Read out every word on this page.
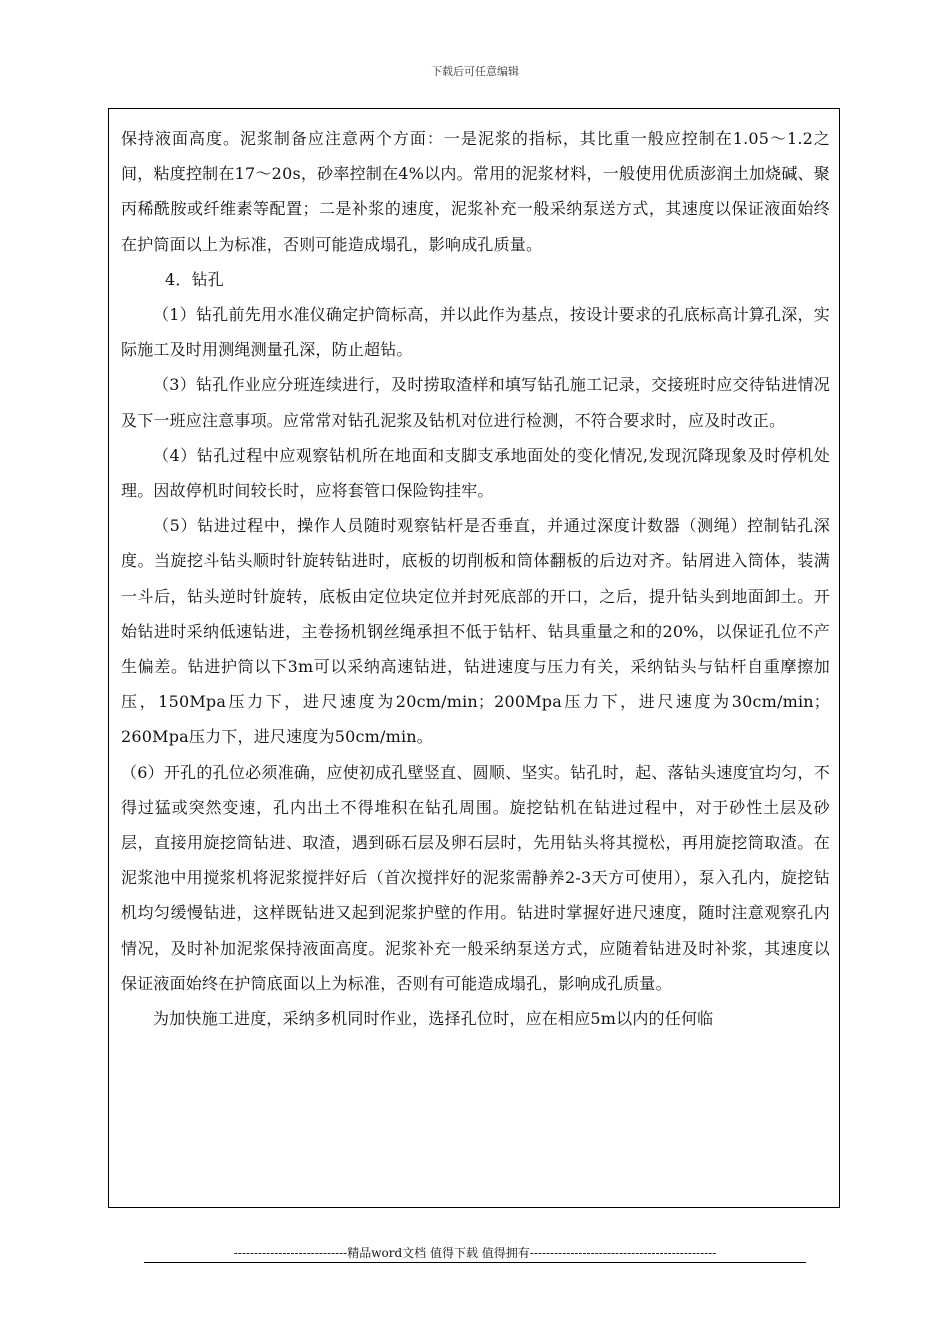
下载后可任意编辑

保持液面高度。泥浆制备应注意两个方面：一是泥浆的指标，其比重一般应控制在1.05～1.2之间，粘度控制在17～20s，砂率控制在4%以内。常用的泥浆材料，一般使用优质澎润土加烧碱、聚丙稀酰胺或纤维素等配置；二是补浆的速度，泥浆补充一般采纳泵送方式，其速度以保证液面始终在护筒面以上为标准，否则可能造成塌孔，影响成孔质量。

4．钻孔

（1）钻孔前先用水准仪确定护筒标高，并以此作为基点，按设计要求的孔底标高计算孔深，实际施工及时用测绳测量孔深，防止超钻。

（3）钻孔作业应分班连续进行，及时捞取渣样和填写钻孔施工记录，交接班时应交待钻进情况及下一班应注意事项。应常常对钻孔泥浆及钻机对位进行检测，不符合要求时，应及时改正。

（4）钻孔过程中应观察钻机所在地面和支脚支承地面处的变化情况,发现沉降现象及时停机处理。因故停机时间较长时，应将套管口保险钩挂牢。

（5）钻进过程中，操作人员随时观察钻杆是否垂直，并通过深度计数器（测绳）控制钻孔深度。当旋挖斗钻头顺时针旋转钻进时，底板的切削板和筒体翻板的后边对齐。钻屑进入筒体，装满一斗后，钻头逆时针旋转，底板由定位块定位并封死底部的开口，之后，提升钻头到地面卸土。开始钻进时采纳低速钻进，主卷扬机钢丝绳承担不低于钻杆、钻具重量之和的20%，以保证孔位不产生偏差。钻进护筒以下3m可以采纳高速钻进，钻进速度与压力有关，采纳钻头与钻杆自重摩擦加压，150Mpa压力下，进尺速度为20cm/min；200Mpa压力下，进尺速度为30cm/min；260Mpa压力下，进尺速度为50cm/min。

（6）开孔的孔位必须准确，应使初成孔壁竖直、圆顺、坚实。钻孔时，起、落钻头速度宜均匀，不得过猛或突然变速，孔内出土不得堆积在钻孔周围。旋挖钻机在钻进过程中，对于砂性土层及砂层，直接用旋挖筒钻进、取渣，遇到砾石层及卵石层时，先用钻头将其搅松，再用旋挖筒取渣。在泥浆池中用搅浆机将泥浆搅拌好后（首次搅拌好的泥浆需静养2-3天方可使用），泵入孔内，旋挖钻机均匀缓慢钻进，这样既钻进又起到泥浆护壁的作用。钻进时掌握好进尺速度，随时注意观察孔内情况，及时补加泥浆保持液面高度。泥浆补充一般采纳泵送方式，应随着钻进及时补浆，其速度以保证液面始终在护筒底面以上为标准，否则有可能造成塌孔，影响成孔质量。

为加快施工进度，采纳多机同时作业，选择孔位时，应在相应5m以内的任何临

----------------------------精品word文档 值得下载 值得拥有----------------------------------------------
